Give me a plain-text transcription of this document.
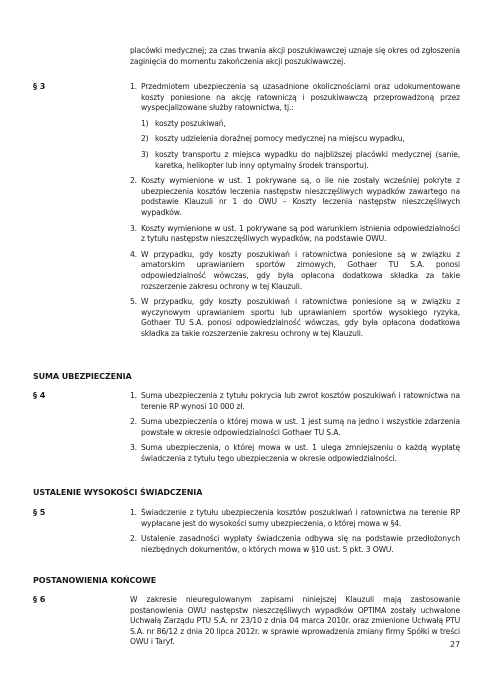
placówki medycznej; za czas trwania akcji poszukiwawczej uznaje się okres od zgłoszenia zaginięcia do momentu zakończenia akcji poszukiwawczej.
§ 3	1. Przedmiotem ubezpieczenia są uzasadnione okolicznościami oraz udokumentowane koszty poniesione na akcję ratowniczą i poszukiwawczą przeprowadzoną przez wyspecjalizowane służby ratownictwa, tj.:
1) koszty poszukiwań,
2) koszty udzielenia doraźnej pomocy medycznej na miejscu wypadku,
3) koszty transportu z miejsca wypadku do najbliższej placówki medycznej (sanie, karetka, helikopter lub inny optymalny środek transportu).
2. Koszty wymienione w ust. 1 pokrywane są, o ile nie zostały wcześniej pokryte z ubezpieczenia kosztów leczenia następstw nieszczęśliwych wypadków zawartego na podstawie Klauzuli nr 1 do OWU – Koszty leczenia następstw nieszczęśliwych wypadków.
3. Koszty wymienione w ust. 1 pokrywane są pod warunkiem istnienia odpowiedzialności z tytułu następstw nieszczęśliwych wypadków, na podstawie OWU.
4. W przypadku, gdy koszty poszukiwań i ratownictwa poniesione są w związku z amatorskim uprawianiem sportów zimowych, Gothaer TU S.A. ponosi odpowiedzialność wówczas, gdy była opłacona dodatkowa składka za takie rozszerzenie zakresu ochrony w tej Klauzuli.
5. W przypadku, gdy koszty poszukiwań i ratownictwa poniesione są w związku z wyczynowym uprawianiem sportu lub uprawianiem sportów wysokiego ryzyka, Gothaer TU S.A. ponosi odpowiedzialność wówczas, gdy była opłacona dodatkowa składka za takie rozszerzenie zakresu ochrony w tej Klauzuli.
SUMA UBEZPIECZENIA
§ 4	1. Suma ubezpieczenia z tytułu pokrycia lub zwrot kosztów poszukiwań i ratownictwa na terenie RP wynosi 10 000 zł.
2. Suma ubezpieczenia o której mowa w ust. 1 jest sumą na jedno i wszystkie zdarzenia powstałe w okresie odpowiedzialności Gothaer TU S.A.
3. Suma ubezpieczenia, o której mowa w ust. 1 ulega zmniejszeniu o każdą wypłatę świadczenia z tytułu tego ubezpieczenia w okresie odpowiedzialności.
USTALENIE WYSOKOŚCI ŚWIADCZENIA
§ 5	1. Świadczenie z tytułu ubezpieczenia kosztów poszukiwań i ratownictwa na terenie RP wypłacane jest do wysokości sumy ubezpieczenia, o której mowa w §4.
2. Ustalenie zasadności wypłaty świadczenia odbywa się na podstawie przedłożonych niezbędnych dokumentów, o których mowa w §10 ust. 5 pkt. 3 OWU.
POSTANOWIENIA KOŃCOWE
§ 6	W zakresie nieuregulowanym zapisami niniejszej Klauzuli mają zastosowanie postanowienia OWU następstw nieszczęśliwych wypadków OPTIMA zostały uchwalone Uchwałą Zarządu PTU S.A. nr 23/10 z dnia 04 marca 2010r. oraz zmienione Uchwałą PTU S.A. nr 86/12 z dnia 20 lipca 2012r. w sprawie wprowadzenia zmiany firmy Spółki w treści OWU i Taryf.	27
